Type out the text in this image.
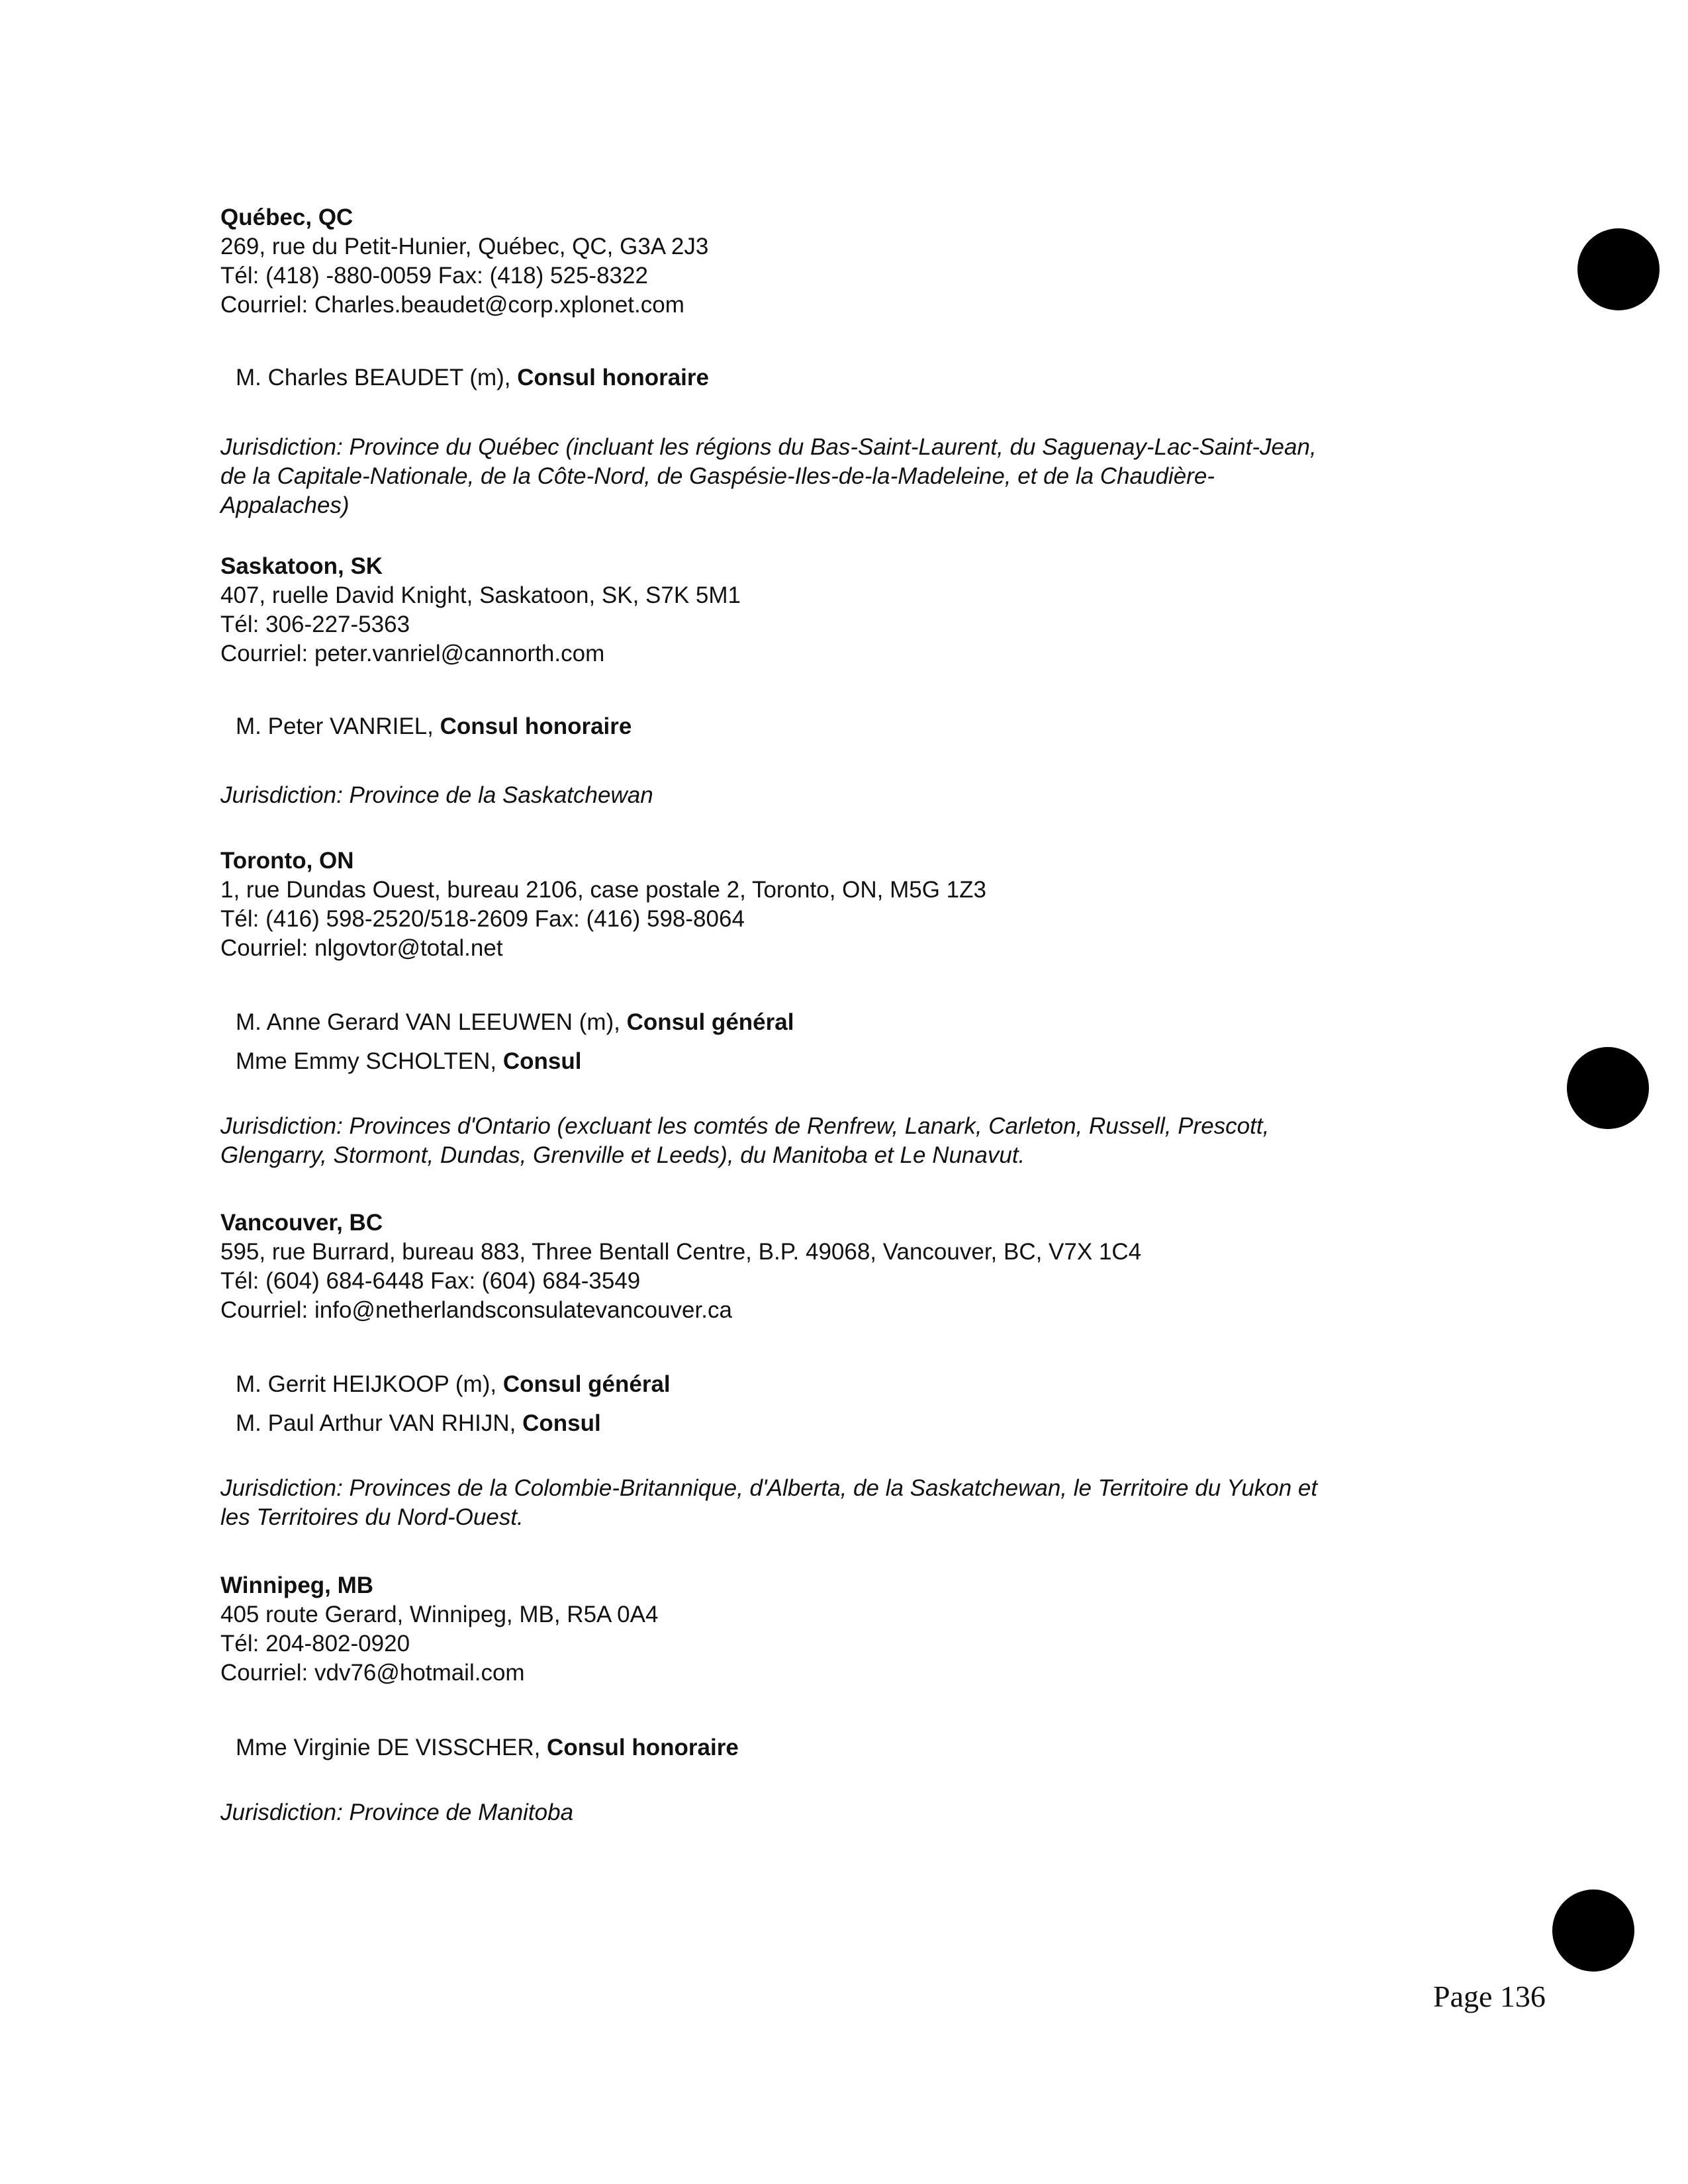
Québec, QC
269, rue du Petit-Hunier, Québec, QC, G3A 2J3
Tél: (418) -880-0059 Fax: (418) 525-8322
Courriel: Charles.beaudet@corp.xplonet.com
M. Charles BEAUDET (m), Consul honoraire
Jurisdiction: Province du Québec (incluant les régions du Bas-Saint-Laurent, du Saguenay-Lac-Saint-Jean,
de la Capitale-Nationale, de la Côte-Nord, de Gaspésie-Iles-de-la-Madeleine, et de la Chaudière-
Appalaches)
Saskatoon, SK
407, ruelle David Knight, Saskatoon, SK, S7K 5M1
Tél: 306-227-5363
Courriel: peter.vanriel@cannorth.com
M. Peter VANRIEL, Consul honoraire
Jurisdiction: Province de la Saskatchewan
Toronto, ON
1, rue Dundas Ouest, bureau 2106, case postale 2, Toronto, ON, M5G 1Z3
Tél: (416) 598-2520/518-2609 Fax: (416) 598-8064
Courriel: nlgovtor@total.net
M. Anne Gerard VAN LEEUWEN (m), Consul général
Mme Emmy SCHOLTEN, Consul
Jurisdiction: Provinces d'Ontario (excluant les comtés de Renfrew, Lanark, Carleton, Russell, Prescott,
Glengarry, Stormont, Dundas, Grenville et Leeds), du Manitoba et Le Nunavut.
Vancouver, BC
595, rue Burrard, bureau 883, Three Bentall Centre, B.P. 49068, Vancouver, BC, V7X 1C4
Tél: (604) 684-6448 Fax: (604) 684-3549
Courriel: info@netherlandsconsulatevancouver.ca
M. Gerrit HEIJKOOP (m), Consul général
M. Paul Arthur VAN RHIJN, Consul
Jurisdiction: Provinces de la Colombie-Britannique, d'Alberta, de la Saskatchewan, le Territoire du Yukon et
les Territoires du Nord-Ouest.
Winnipeg, MB
405 route Gerard, Winnipeg, MB, R5A 0A4
Tél: 204-802-0920
Courriel: vdv76@hotmail.com
Mme Virginie DE VISSCHER, Consul honoraire
Jurisdiction: Province de Manitoba
Page 136
